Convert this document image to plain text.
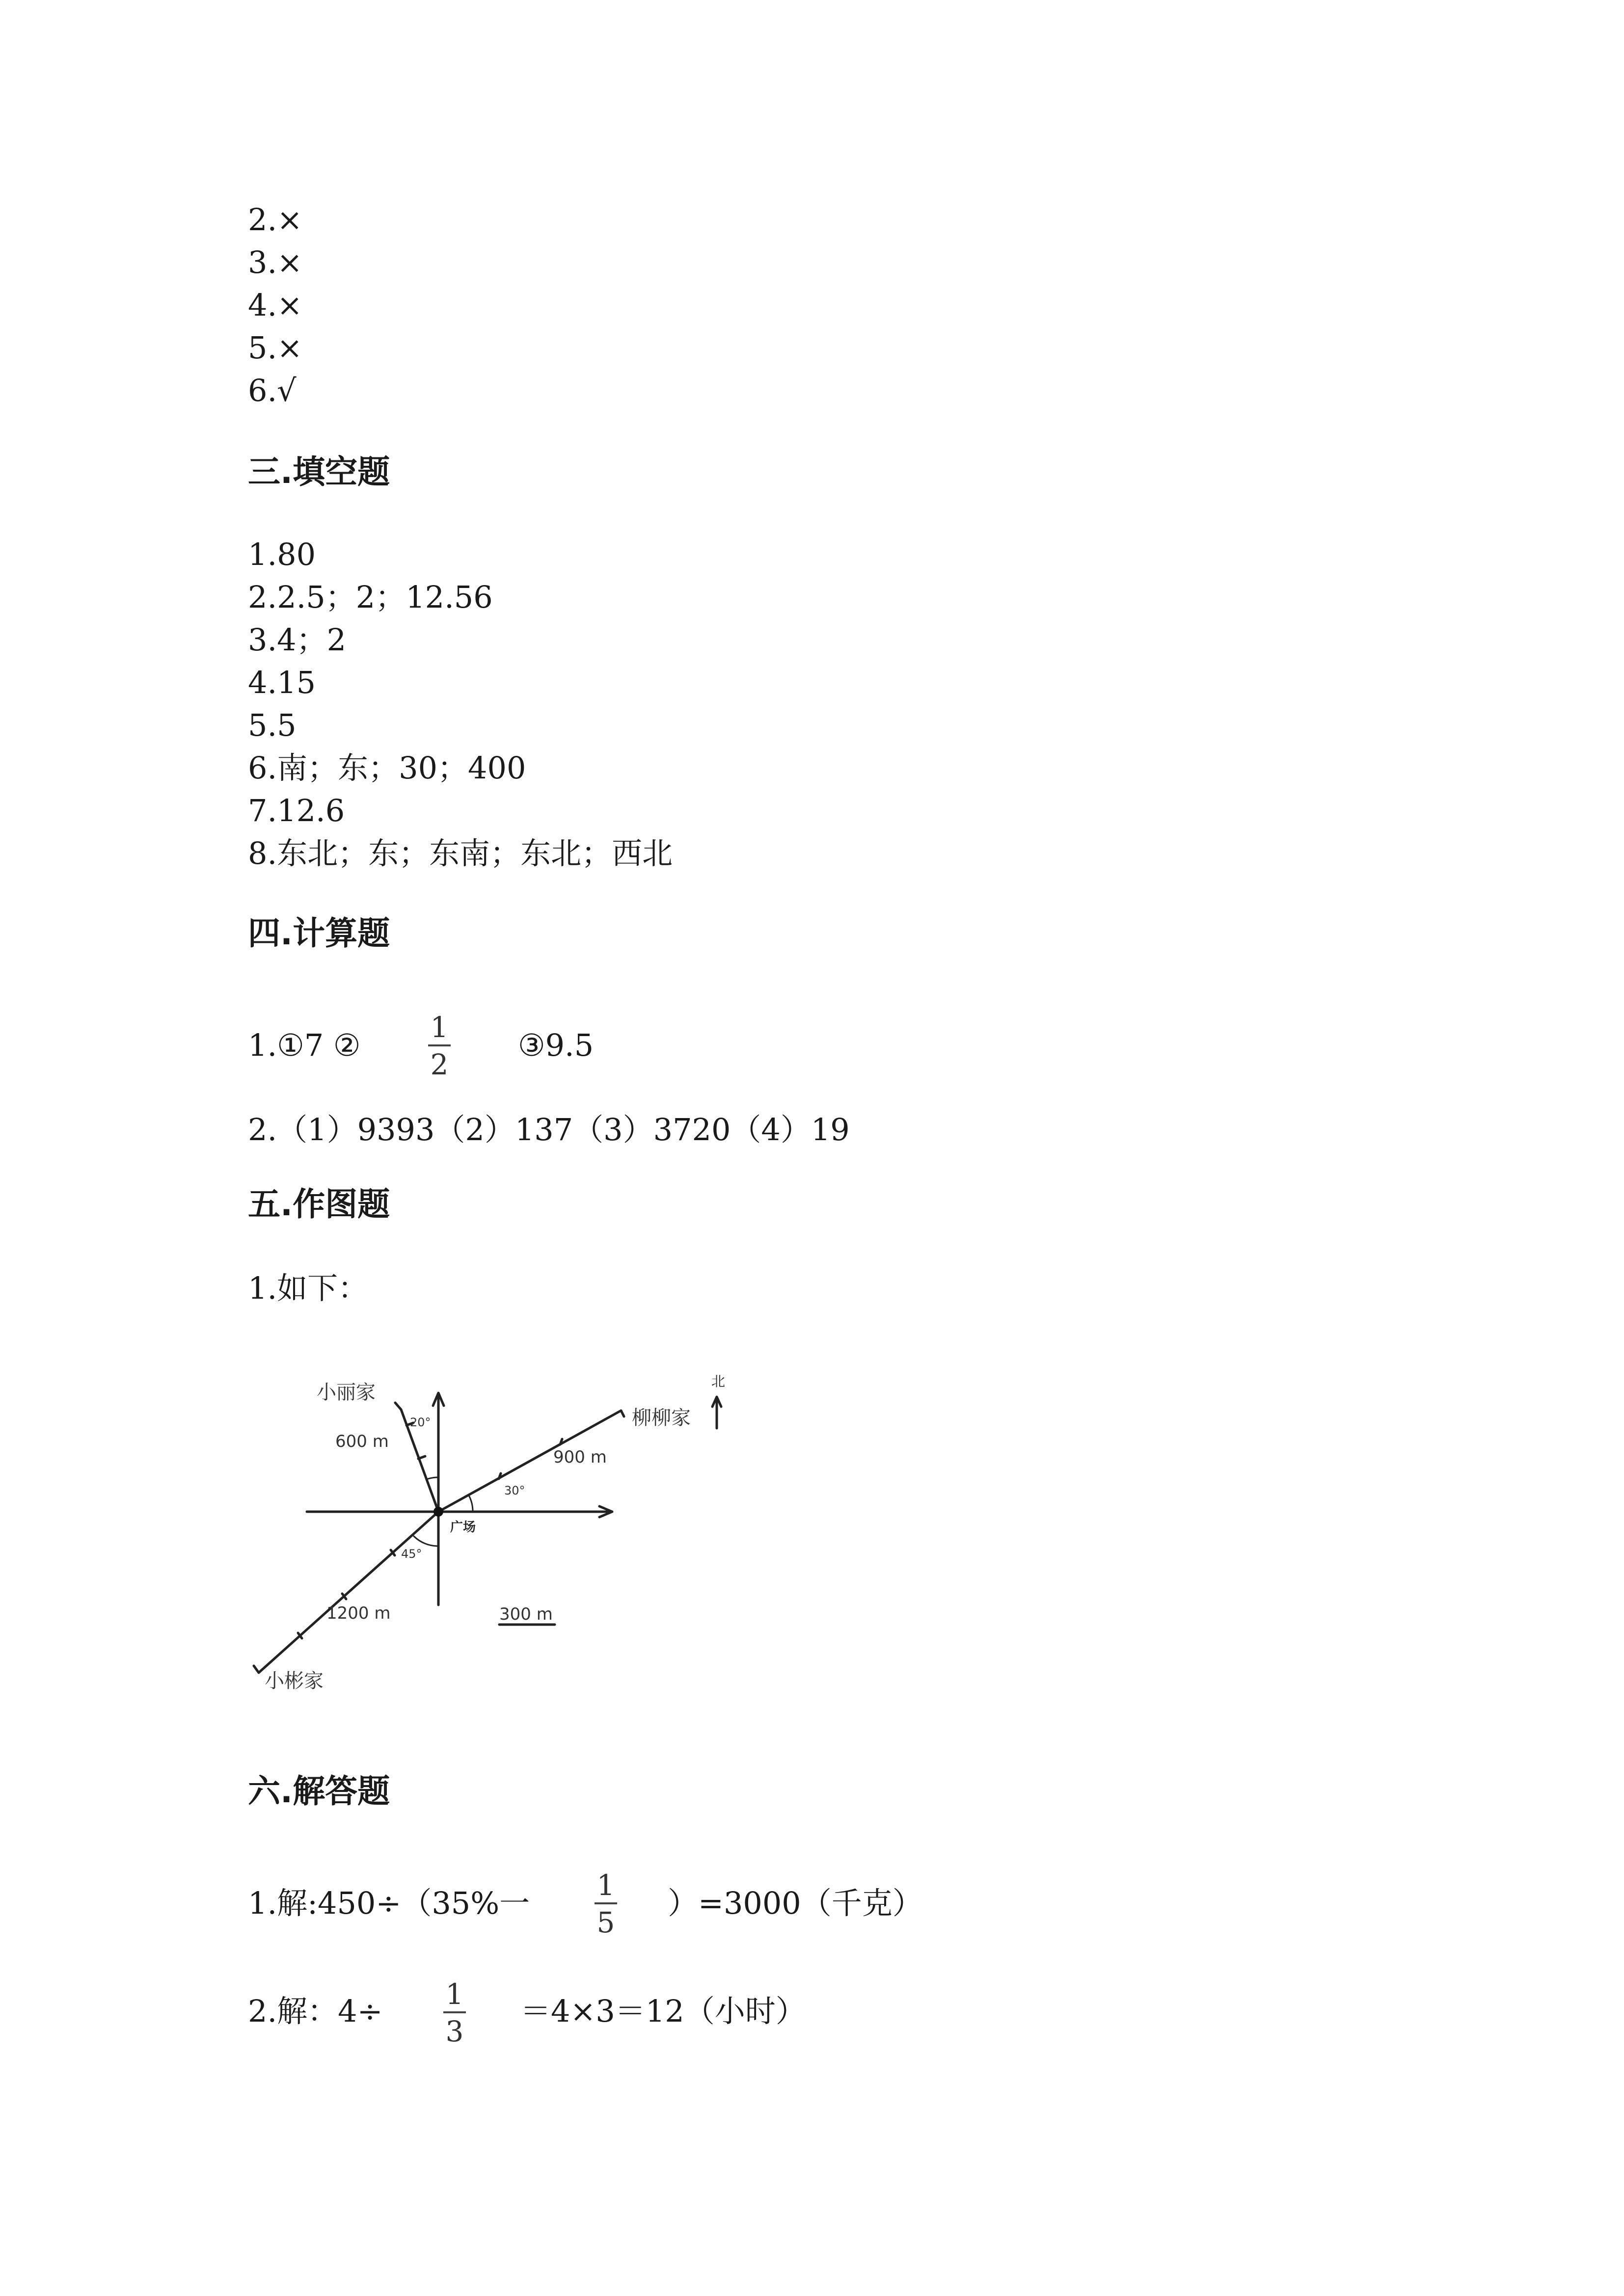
2.×
3.×
4.×
5.×
6.√
三.填空题
1.80
2.2.5；2；12.56
3.4；2
4.15
5.5
6.南；东；30；400
7.12.6
8.东北；东；东南；东北；西北
四.计算题
1.①7 ② 1
2
③9.5
2.（1）9393（2）137（3）3720（4）19
五.作图题
1.如下：
北
广场
小丽家
柳柳家
小彬家
600 m
900 m
1200 m
20°
30°
45°
300 m
六.解答题
1.解:450÷（35%一 1
5
）=3000（千克）
2.解：4÷ 1
3
＝4×3＝12（小时）
